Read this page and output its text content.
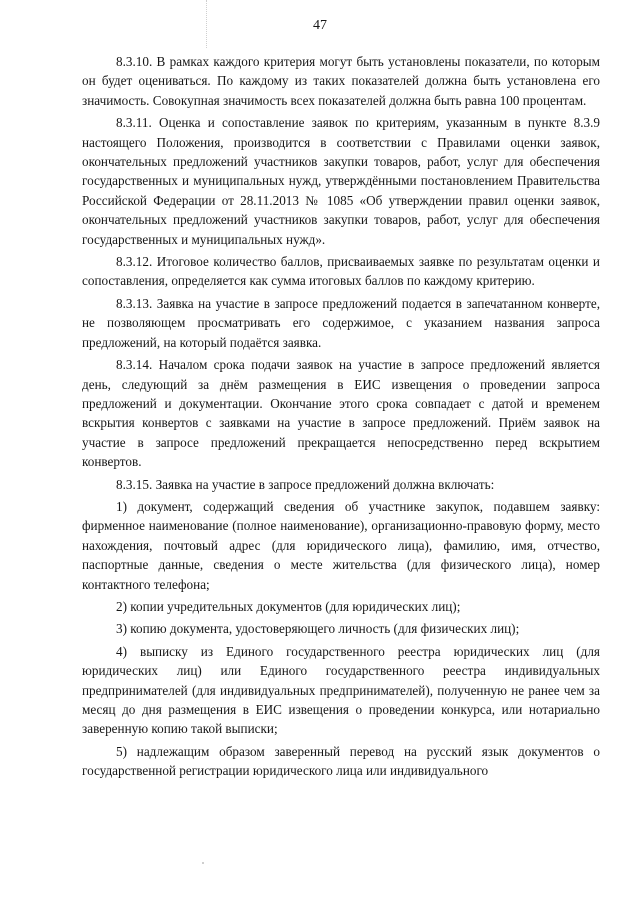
47

8.3.10. В рамках каждого критерия могут быть установлены показатели, по которым он будет оцениваться. По каждому из таких показателей должна быть установлена его значимость. Совокупная значимость всех показателей должна быть равна 100 процентам.

8.3.11. Оценка и сопоставление заявок по критериям, указанным в пункте 8.3.9 настоящего Положения, производится в соответствии с Правилами оценки заявок, окончательных предложений участников закупки товаров, работ, услуг для обеспечения государственных и муниципальных нужд, утверждёнными постановлением Правительства Российской Федерации от 28.11.2013 № 1085 «Об утверждении правил оценки заявок, окончательных предложений участников закупки товаров, работ, услуг для обеспечения государственных и муниципальных нужд».

8.3.12. Итоговое количество баллов, присваиваемых заявке по результатам оценки и сопоставления, определяется как сумма итоговых баллов по каждому критерию.

8.3.13. Заявка на участие в запросе предложений подается в запечатанном конверте, не позволяющем просматривать его содержимое, с указанием названия запроса предложений, на который подаётся заявка.

8.3.14. Началом срока подачи заявок на участие в запросе предложений является день, следующий за днём размещения в ЕИС извещения о проведении запроса предложений и документации. Окончание этого срока совпадает с датой и временем вскрытия конвертов с заявками на участие в запросе предложений. Приём заявок на участие в запросе предложений прекращается непосредственно перед вскрытием конвертов.

8.3.15. Заявка на участие в запросе предложений должна включать:

1) документ, содержащий сведения об участнике закупок, подавшем заявку: фирменное наименование (полное наименование), организационно-правовую форму, место нахождения, почтовый адрес (для юридического лица), фамилию, имя, отчество, паспортные данные, сведения о месте жительства (для физического лица), номер контактного телефона;

2) копии учредительных документов (для юридических лиц);

3) копию документа, удостоверяющего личность (для физических лиц);

4) выписку из Единого государственного реестра юридических лиц (для юридических лиц) или Единого государственного реестра индивидуальных предпринимателей (для индивидуальных предпринимателей), полученную не ранее чем за месяц до дня размещения в ЕИС извещения о проведении конкурса, или нотариально заверенную копию такой выписки;

5) надлежащим образом заверенный перевод на русский язык документов о государственной регистрации юридического лица или индивидуального
